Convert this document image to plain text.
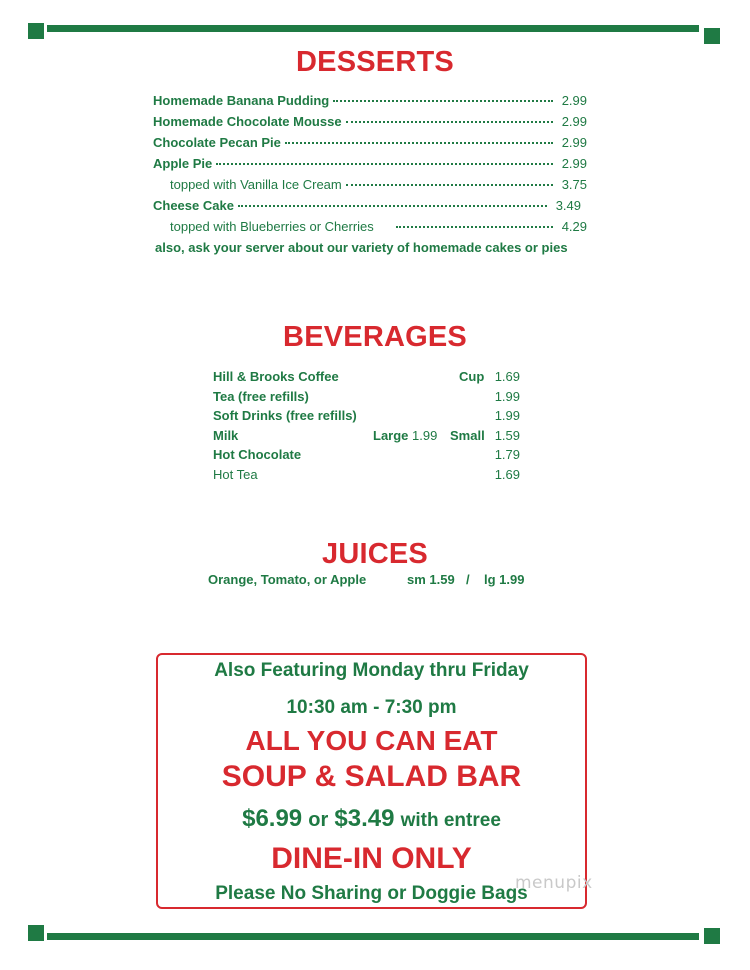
DESSERTS
Homemade Banana Pudding	2.99
Homemade Chocolate Mousse	2.99
Chocolate Pecan Pie	2.99
Apple Pie	2.99
topped with Vanilla Ice Cream	3.75
Cheese Cake	3.49
topped with Blueberries or Cherries	4.29
also, ask your server about our variety of homemade cakes or pies
BEVERAGES
Hill & Brooks Coffee	Cup 1.69
Tea (free refills)	1.99
Soft Drinks (free refills)	1.99
Milk	Large 1.99 Small 1.59
Hot Chocolate	1.79
Hot Tea	1.69
JUICES
Orange, Tomato, or Apple	sm 1.59 / lg 1.99
Also Featuring Monday thru Friday
10:30 am - 7:30 pm
ALL YOU CAN EAT
SOUP & SALAD BAR
$6.99 or $3.49 with entree
DINE-IN ONLY
Please No Sharing or Doggie Bags
menupix
